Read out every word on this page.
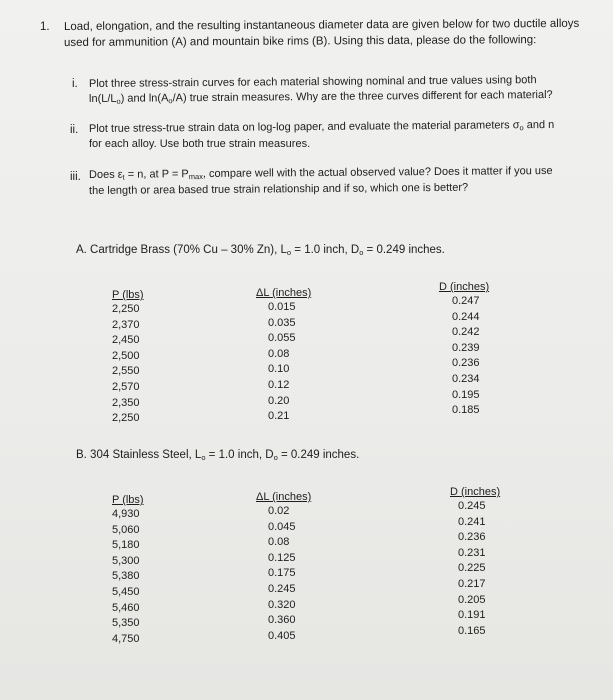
1. Load, elongation, and the resulting instantaneous diameter data are given below for two ductile alloys
used for ammunition (A) and mountain bike rims (B). Using this data, please do the following:
i. Plot three stress-strain curves for each material showing nominal and true values using both
$\ln(L/L_o)$ and $\ln(A_o/A)$ true strain measures. Why are the three curves different for each material?
ii. Plot true stress-true strain data on log-log paper, and evaluate the material parameters $\sigma_o$ and n
for each alloy. Use both true strain measures.
iii. Does $\varepsilon_t = n$, at $P = P_{max}$, compare well with the actual observed value? Does it matter if you use
the length or area based true strain relationship and if so, which one is better?
A. Cartridge Brass (70% Cu – 30% Zn), $L_o = 1.0$ inch, $D_o = 0.249$ inches.
P (lbs)
2,250
2,370
2,450
2,500
2,550
2,570
2,350
2,250
ΔL (inches)
0.015
0.035
0.055
0.08
0.10
0.12
0.20
0.21
D (inches)
0.247
0.244
0.242
0.239
0.236
0.234
0.195
0.185
B. 304 Stainless Steel, $L_o = 1.0$ inch, $D_o = 0.249$ inches.
P (lbs)
4,930
5,060
5,180
5,300
5,380
5,450
5,460
5,350
4,750
ΔL (inches)
0.02
0.045
0.08
0.125
0.175
0.245
0.320
0.360
0.405
D (inches)
0.245
0.241
0.236
0.231
0.225
0.217
0.205
0.191
0.165
